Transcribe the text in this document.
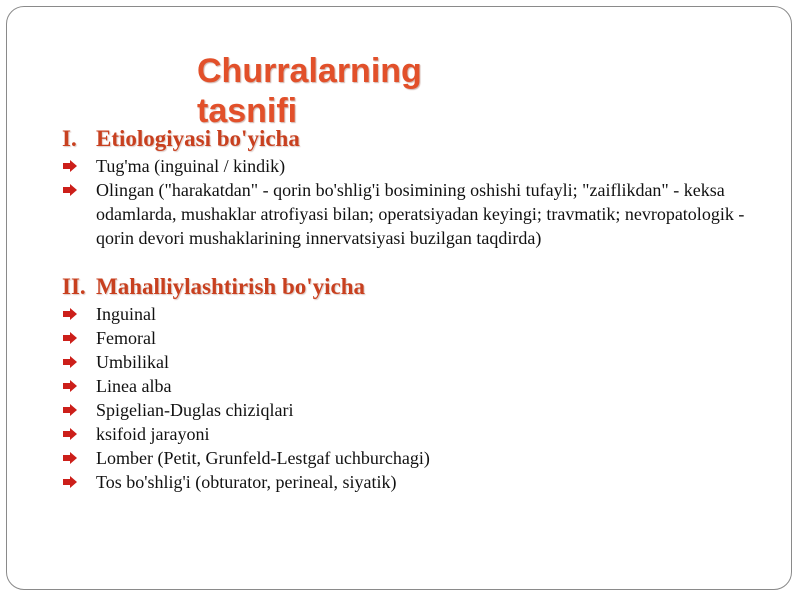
Churralarning tasnifi
I. Etiologiyasi bo'yicha
Tug'ma (inguinal / kindik)
Olingan ("harakatdan" - qorin bo'shlig'i bosimining oshishi tufayli; "zaiflikdan" - keksa odamlarda, mushaklar atrofiyasi bilan; operatsiyadan keyingi; travmatik; nevropatologik - qorin devori mushaklarining innervatsiyasi buzilgan taqdirda)
II. Mahalliylashtirish bo'yicha
Inguinal
Femoral
Umbilikal
Linea alba
Spigelian-Duglas chiziqlari
ksifoid jarayoni
Lomber (Petit, Grunfeld-Lestgaf uchburchagi)
Tos bo'shlig'i (obturator, perineal, siyatik)
